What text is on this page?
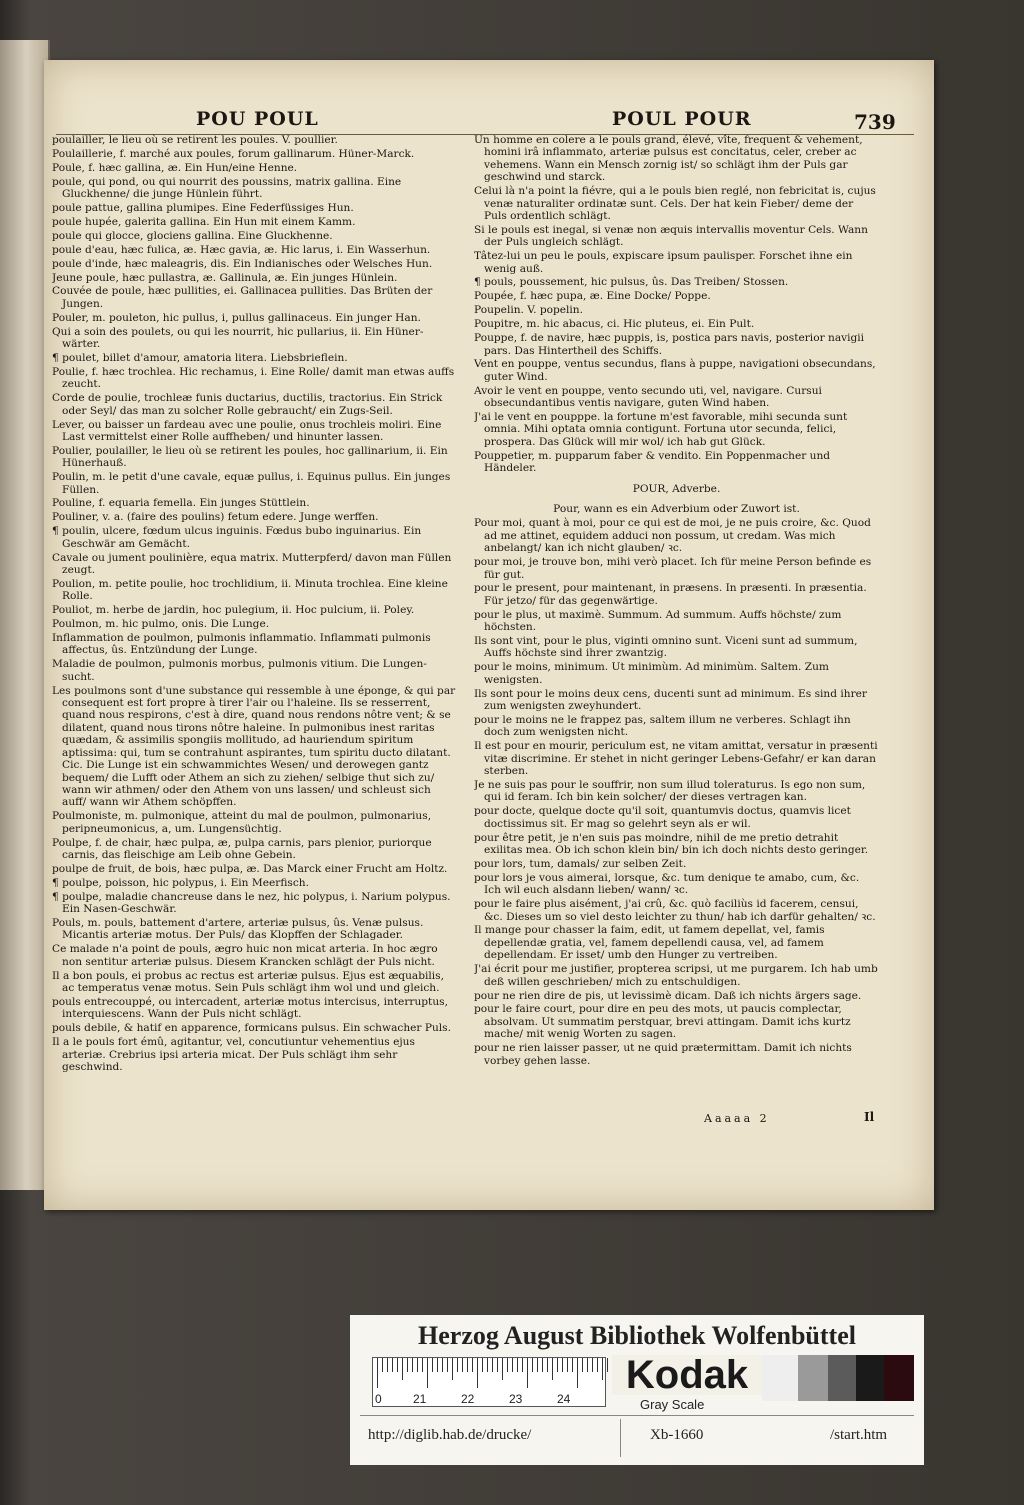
POU POUL	POUL POUR	739
poulailler, le lieu où se retirent les poules. V. poullier.
Poulaillerie, f. marché aux poules, forum gallinarum. Hüner-Marck.
Poule, f. hæc gallina, æ. Ein Hun/eine Henne.
poule, qui pond, ou qui nourrit des poussins, matrix gallina. Eine Gluckhenne/ die junge Hünlein führt.
poule pattue, gallina plumipes. Eine Federfüssiges Hun.
poule hupée, galerita gallina. Ein Hun mit einem Kamm.
poule qui glocce, glociens gallina. Eine Gluckhenne.
poule d'eau, hæc fulica, æ. Hæc gavia, æ. Hic larus, i. Ein Wasserhun.
poule d'inde, hæc maleagris, dis. Ein Indianisches oder Welsches Hun.
Jeune poule, hæc pullastra, æ. Gallinula, æ. Ein junges Hünlein.
Couvée de poule, hæc pullities, ei. Gallinacea pullities. Das Brüten der Jungen.
Pouler, m. pouleton, hic pullus, i, pullus gallinaceus. Ein junger Han.
Qui a soin des poulets, ou qui les nourrit, hic pullarius, ii. Ein Hüner-wärter.
¶ poulet, billet d'amour, amatoria litera. Liebsbrieflein.
Poulie, f. hæc trochlea. Hic rechamus, i. Eine Rolle/ damit man etwas auffs zeucht.
Corde de poulie, trochleæ funis ductarius, ductilis, tractorius. Ein Strick oder Seyl/ das man zu solcher Rolle gebraucht/ ein Zugs-Seil.
Lever, ou baisser un fardeau avec une poulie, onus trochleis moliri. Eine Last vermittelst einer Rolle auffheben/ und hinunter lassen.
Poulier, poulailler, le lieu où se retirent les poules, hoc gallinarium, ii. Ein Hünerhauß.
Poulin, m. le petit d'une cavale, equæ pullus, i. Equinus pullus. Ein junges Füllen.
Pouline, f. equaria femella. Ein junges Stüttlein.
Pouliner, v. a. (faire des poulins) fetum edere. Junge werffen.
¶ poulin, ulcere, fœdum ulcus inguinis. Fœdus bubo inguinarius. Ein Geschwär am Gemächt.
Cavale ou jument poulinière, equa matrix. Mutterpferd/ davon man Füllen zeugt.
Poulion, m. petite poulie, hoc trochlidium, ii. Minuta trochlea. Eine kleine Rolle.
Pouliot, m. herbe de jardin, hoc pulegium, ii. Hoc pulcium, ii. Poley.
Poulmon, m. hic pulmo, onis. Die Lunge.
Inflammation de poulmon, pulmonis inflammatio. Inflammati pulmonis affectus, ûs. Entzündung der Lunge.
Maladie de poulmon, pulmonis morbus, pulmonis vitium. Die Lungen-sucht.
Les poulmons sont d'une substance qui ressemble à une éponge, & qui par consequent est fort propre à tirer l'air ou l'haleine. Ils se resserrent, quand nous respirons, c'est à dire, quand nous rendons nôtre vent; & se dilatent, quand nous tirons nôtre haleine. In pulmonibus inest raritas quædam, & assimilis spongiis mollitudo, ad hauriendum spiritum aptissima: qui, tum se contrahunt aspirantes, tum spiritu ducto dilatant. Cic. Die Lunge ist ein schwammichtes Wesen/ und derowegen gantz bequem/ die Lufft oder Athem an sich zu ziehen/ selbige thut sich zu/ wann wir athmen/ oder den Athem von uns lassen/ und schleust sich auff/ wann wir Athem schöpffen.
Poulmoniste, m. pulmonique, atteint du mal de poulmon, pulmonarius, peripneumonicus, a, um. Lungensüchtig.
Poulpe, f. de chair, hæc pulpa, æ, pulpa carnis, pars plenior, puriorque carnis, das fleischige am Leib ohne Gebein.
poulpe de fruit, de bois, hæc pulpa, æ. Das Marck einer Frucht am Holtz.
¶ poulpe, poisson, hic polypus, i. Ein Meerfisch.
¶ poulpe, maladie chancreuse dans le nez, hic polypus, i. Narium polypus. Ein Nasen-Geschwär.
Pouls, m. pouls, battement d'artere, arteriæ pulsus, ûs. Venæ pulsus. Micantis arteriæ motus. Der Puls/ das Klopffen der Schlagader.
Ce malade n'a point de pouls, ægro huic non micat arteria. In hoc ægro non sentitur arteriæ pulsus. Diesem Krancken schlägt der Puls nicht.
Il a bon pouls, ei probus ac rectus est arteriæ pulsus. Ejus est æquabilis, ac temperatus venæ motus. Sein Puls schlägt ihm wol und und gleich.
pouls entrecouppé, ou intercadent, arteriæ motus intercisus, interruptus, interquiescens. Wann der Puls nicht schlägt.
pouls debile, & hatif en apparence, formicans pulsus. Ein schwacher Puls.
Il a le pouls fort émû, agitantur, vel, concutiuntur vehementius ejus arteriæ. Crebrius ipsi arteria micat. Der Puls schlägt ihm sehr geschwind.
Un homme en colere a le pouls grand, élevé, vîte, frequent & vehement, homini irâ inflammato, arteriæ pulsus est concitatus, celer, creber ac vehemens. Wann ein Mensch zornig ist/ so schlägt ihm der Puls gar geschwind und starck.
Celui là n'a point la fiévre, qui a le pouls bien reglé, non febricitat is, cujus venæ naturaliter ordinatæ sunt. Cels. Der hat kein Fieber/ deme der Puls ordentlich schlägt.
Si le pouls est inegal, si venæ non æquis intervallis moventur Cels. Wann der Puls ungleich schlägt.
Tâtez-lui un peu le pouls, expiscare ipsum paulisper. Forschet ihne ein wenig auß.
¶ pouls, poussement, hic pulsus, ûs. Das Treiben/ Stossen.
Poupée, f. hæc pupa, æ. Eine Docke/ Poppe.
Poupelin. V. popelin.
Poupitre, m. hic abacus, ci. Hic pluteus, ei. Ein Pult.
Pouppe, f. de navire, hæc puppis, is, postica pars navis, posterior navigii pars. Das Hintertheil des Schiffs.
Vent en pouppe, ventus secundus, flans à puppe, navigationi obsecundans, guter Wind.
Avoir le vent en pouppe, vento secundo uti, vel, navigare. Cursui obsecundantibus ventis navigare, guten Wind haben.
J'ai le vent en poupppe. la fortune m'est favorable, mihi secunda sunt omnia. Mihi optata omnia contigunt. Fortuna utor secunda, felici, prospera. Das Glück will mir wol/ ich hab gut Glück.
Pouppetier, m. pupparum faber & vendito. Ein Poppenmacher und Händeler.
POUR, Adverbe.
Pour, wann es ein Adverbium oder Zuwort ist.
Pour moi, quant à moi, pour ce qui est de moi, je ne puis croire, &c. Quod ad me attinet, equidem adduci non possum, ut credam. Was mich anbelangt/ kan ich nicht glauben/ ꝛc.
pour moi, je trouve bon, mihi verò placet. Ich für meine Person befinde es für gut.
pour le present, pour maintenant, in præsens. In præsenti. In præsentia. Für jetzo/ für das gegenwärtige.
pour le plus, ut maximè. Summum. Ad summum. Auffs höchste/ zum höchsten.
Ils sont vint, pour le plus, viginti omnino sunt. Viceni sunt ad summum, Auffs höchste sind ihrer zwantzig.
pour le moins, minimum. Ut minimùm. Ad minimùm. Saltem. Zum wenigsten.
Ils sont pour le moins deux cens, ducenti sunt ad minimum. Es sind ihrer zum wenigsten zweyhundert.
pour le moins ne le frappez pas, saltem illum ne verberes. Schlagt ihn doch zum wenigsten nicht.
Il est pour en mourir, periculum est, ne vitam amittat, versatur in præsenti vitæ discrimine. Er stehet in nicht geringer Lebens-Gefahr/ er kan daran sterben.
Je ne suis pas pour le souffrir, non sum illud toleraturus. Is ego non sum, qui id feram. Ich bin kein solcher/ der dieses vertragen kan.
pour docte, quelque docte qu'il soit, quantumvis doctus, quamvis licet doctissimus sit. Er mag so gelehrt seyn als er wil.
pour être petit, je n'en suis pas moindre, nihil de me pretio detrahit exilitas mea. Ob ich schon klein bin/ bin ich doch nichts desto geringer.
pour lors, tum, damals/ zur selben Zeit.
pour lors je vous aimerai, lorsque, &c. tum denique te amabo, cum, &c. Ich wil euch alsdann lieben/ wann/ ꝛc.
pour le faire plus aisément, j'ai crû, &c. quò faciliùs id facerem, censui, &c. Dieses um so viel desto leichter zu thun/ hab ich darfür gehalten/ ꝛc.
Il mange pour chasser la faim, edit, ut famem depellat, vel, famis depellendæ gratia, vel, famem depellendi causa, vel, ad famem depellendam. Er isset/ umb den Hunger zu vertreiben.
J'ai écrit pour me justifier, propterea scripsi, ut me purgarem. Ich hab umb deß willen geschrieben/ mich zu entschuldigen.
pour ne rien dire de pis, ut levissimè dicam. Daß ich nichts ärgers sage.
pour le faire court, pour dire en peu des mots, ut paucis complectar, absolvam. Ut summatim perstquar, brevi attingam. Damit ichs kurtz mache/ mit wenig Worten zu sagen.
pour ne rien laisser passer, ut ne quid prætermittam. Damit ich nichts vorbey gehen lasse.
Aaaaa 2	Il
Herzog August Bibliothek Wolfenbüttel
0	21	22	23	24
Kodak
Gray Scale
http://diglib.hab.de/drucke/	Xb-1660	/start.htm
